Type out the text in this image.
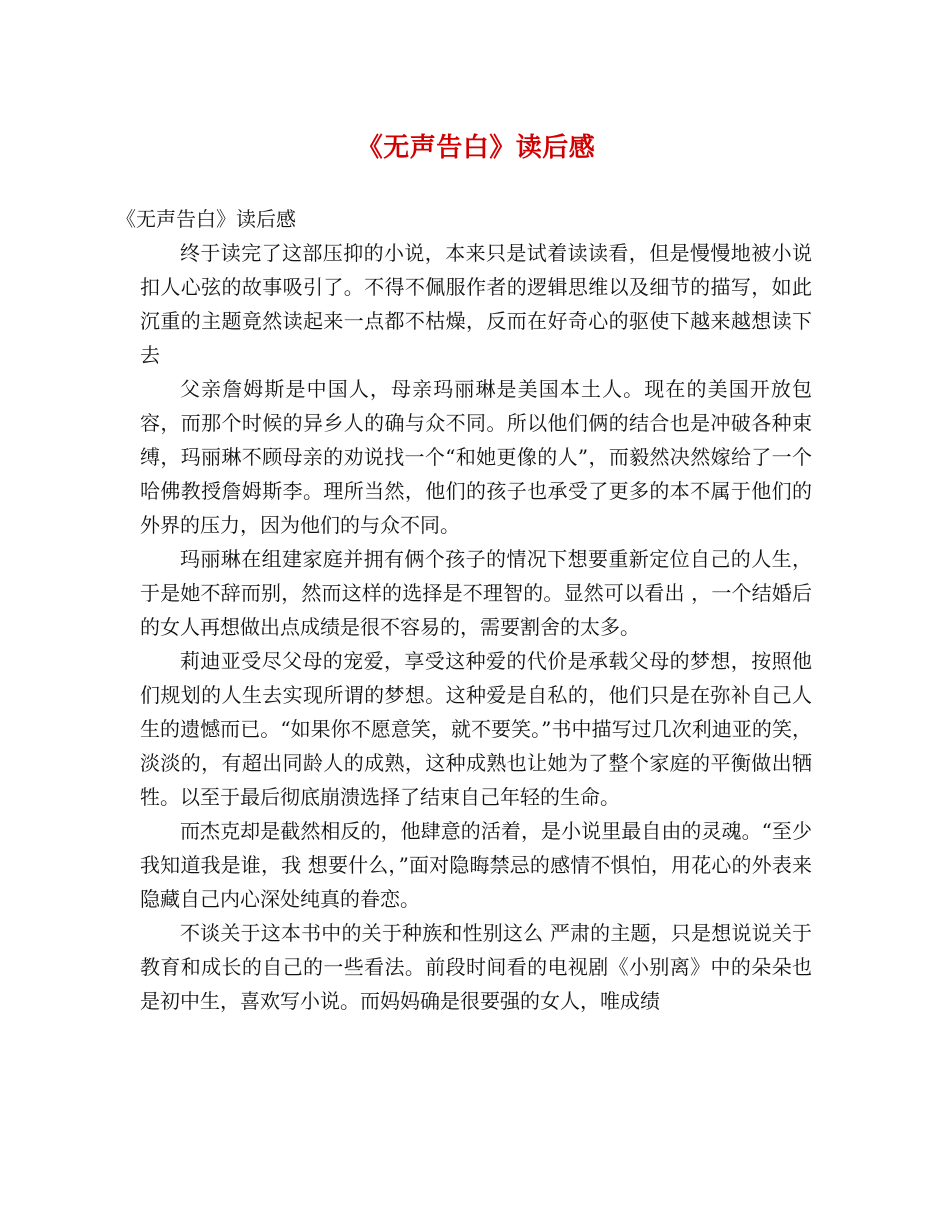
《无声告白》读后感

《无声告白》读后感

终于读完了这部压抑的小说，本来只是试着读读看，但是慢慢地被小说扣人心弦的故事吸引了。不得不佩服作者的逻辑思维以及细节的描写，如此沉重的主题竟然读起来一点都不枯燥，反而在好奇心的驱使下越来越想读下去

父亲詹姆斯是中国人，母亲玛丽琳是美国本土人。现在的美国开放包容，而那个时候的异乡人的确与众不同。所以他们俩的结合也是冲破各种束缚，玛丽琳不顾母亲的劝说找一个“和她更像的人”，而毅然决然嫁给了一个哈佛教授詹姆斯李。理所当然，他们的孩子也承受了更多的本不属于他们的外界的压力，因为他们的与众不同。

玛丽琳在组建家庭并拥有俩个孩子的情况下想要重新定位自己的人生，于是她不辞而别，然而这样的选择是不理智的。显然可以看出 ，一个结婚后的女人再想做出点成绩是很不容易的，需要割舍的太多。

莉迪亚受尽父母的宠爱，享受这种爱的代价是承载父母的梦想，按照他们规划的人生去实现所谓的梦想。这种爱是自私的，他们只是在弥补自己人生的遗憾而已。“如果你不愿意笑，就不要笑。”书中描写过几次利迪亚的笑，淡淡的，有超出同龄人的成熟，这种成熟也让她为了整个家庭的平衡做出牺牲。以至于最后彻底崩溃选择了结束自己年轻的生命。

而杰克却是截然相反的，他肆意的活着，是小说里最自由的灵魂。“至少我知道我是谁，我 想要什么，”面对隐晦禁忌的感情不惧怕，用花心的外表来隐藏自己内心深处纯真的眷恋。

不谈关于这本书中的关于种族和性别这么 严肃的主题，只是想说说关于教育和成长的自己的一些看法。前段时间看的电视剧《小别离》中的朵朵也是初中生，喜欢写小说。而妈妈确是很要强的女人，唯成绩
